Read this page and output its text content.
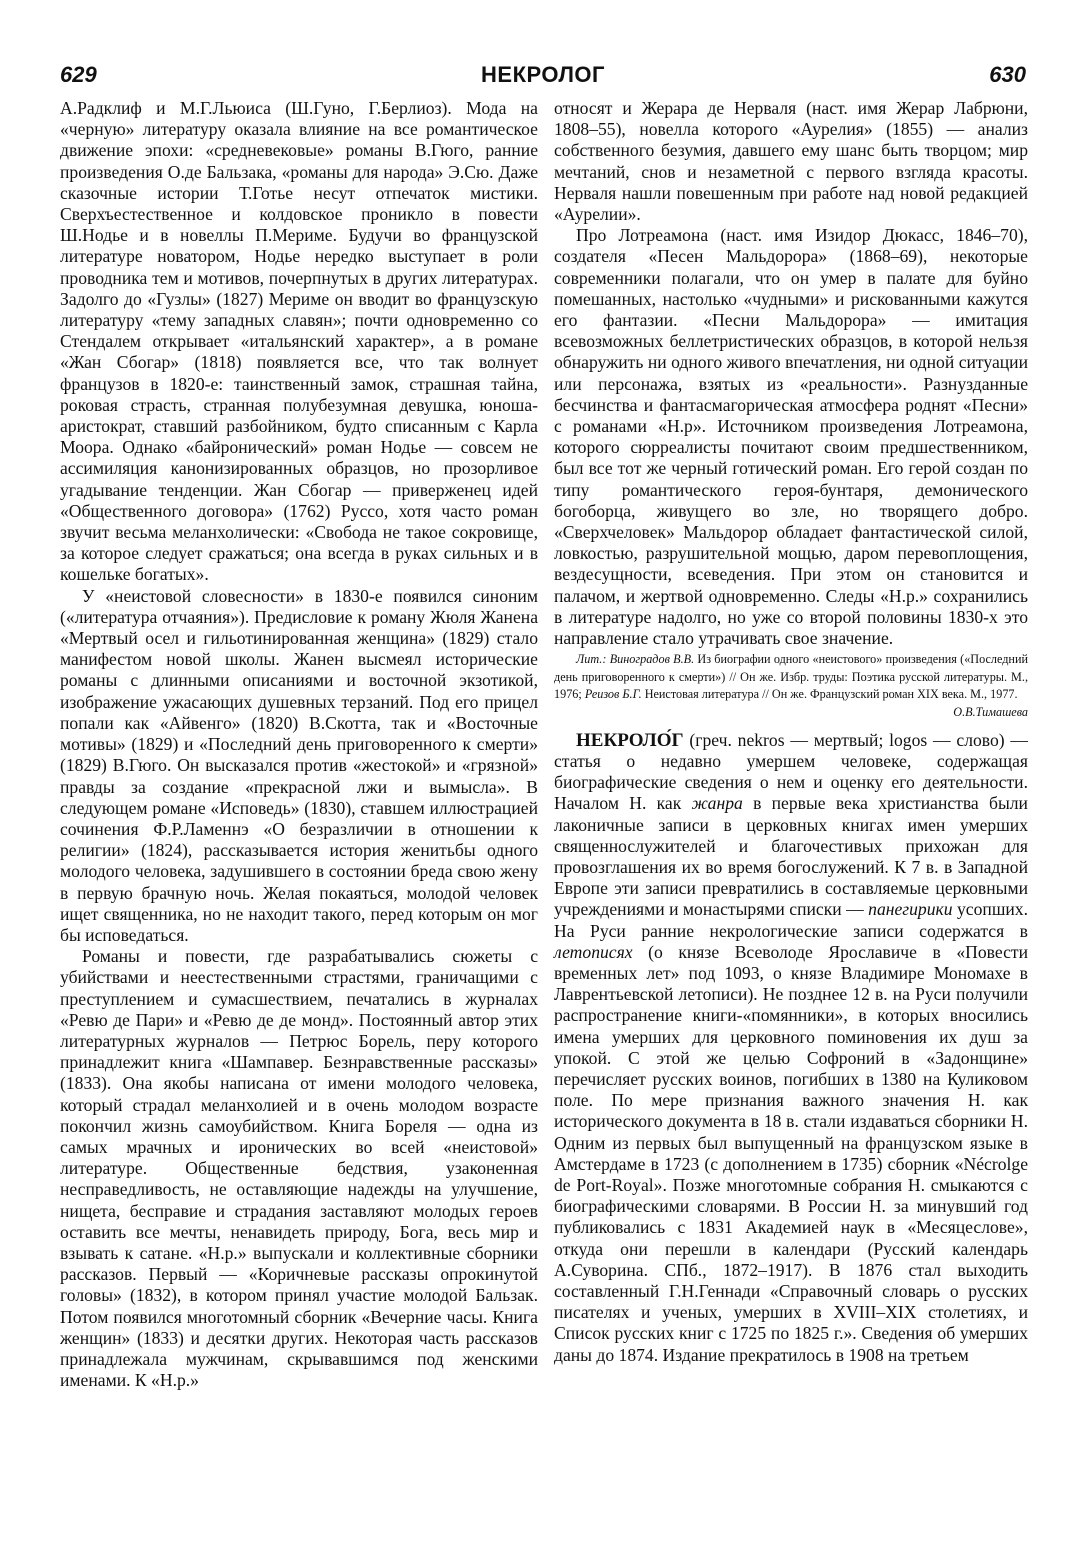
629	НЕКРОЛОГ	630

А.Радклиф и М.Г.Льюиса (Ш.Гуно, Г.Берлиоз). Мода на «черную» литературу оказала влияние на все романтическое движение эпохи: «средневековые» романы В.Гюго, ранние произведения О.де Бальзака, «романы для народа» Э.Сю. Даже сказочные истории Т.Готье несут отпечаток мистики. Сверхъестественное и колдовское проникло в повести Ш.Нодье и в новеллы П.Мериме. Будучи во французской литературе новатором, Нодье нередко выступает в роли проводника тем и мотивов, почерпнутых в других литературах. Задолго до «Гузлы» (1827) Мериме он вводит во французскую литературу «тему западных славян»; почти одновременно со Стендалем открывает «итальянский характер», а в романе «Жан Сбогар» (1818) появляется все, что так волнует французов в 1820-е: таинственный замок, страшная тайна, роковая страсть, странная полубезумная девушка, юноша-аристократ, ставший разбойником, будто списанным с Карла Моора. Однако «байронический» роман Нодье — совсем не ассимиляция канонизированных образцов, но прозорливое угадывание тенденции. Жан Сбогар — приверженец идей «Общественного договора» (1762) Руссо, хотя часто роман звучит весьма меланхолически: «Свобода не такое сокровище, за которое следует сражаться; она всегда в руках сильных и в кошельке богатых».

У «неистовой словесности» в 1830-е появился синоним («литература отчаяния»). Предисловие к роману Жюля Жанена «Мертвый осел и гильотинированная женщина» (1829) стало манифестом новой школы. Жанен высмеял исторические романы с длинными описаниями и восточной экзотикой, изображение ужасающих душевных терзаний. Под его прицел попали как «Айвенго» (1820) В.Скотта, так и «Восточные мотивы» (1829) и «Последний день приговоренного к смерти» (1829) В.Гюго. Он высказался против «жестокой» и «грязной» правды за создание «прекрасной лжи и вымысла». В следующем романе «Исповедь» (1830), ставшем иллюстрацией сочинения Ф.Р.Ламеннэ «О безразличии в отношении к религии» (1824), рассказывается история женитьбы одного молодого человека, задушившего в состоянии бреда свою жену в первую брачную ночь. Желая покаяться, молодой человек ищет священника, но не находит такого, перед которым он мог бы исповедаться.

Романы и повести, где разрабатывались сюжеты с убийствами и неестественными страстями, граничащими с преступлением и сумасшествием, печатались в журналах «Ревю де Пари» и «Ревю де де монд». Постоянный автор этих литературных журналов — Петрюс Борель, перу которого принадлежит книга «Шампавер. Безнравственные рассказы» (1833). Она якобы написана от имени молодого человека, который страдал меланхолией и в очень молодом возрасте покончил жизнь самоубийством. Книга Бореля — одна из самых мрачных и иронических во всей «неистовой» литературе. Общественные бедствия, узаконенная несправедливость, не оставляющие надежды на улучшение, нищета, бесправие и страдания заставляют молодых героев оставить все мечты, ненавидеть природу, Бога, весь мир и взывать к сатане. «Н.р.» выпускали и коллективные сборники рассказов. Первый — «Коричневые рассказы опрокинутой головы» (1832), в котором принял участие молодой Бальзак. Потом появился многотомный сборник «Вечерние часы. Книга женщин» (1833) и десятки других. Некоторая часть рассказов принадлежала мужчинам, скрывавшимся под женскими именами. К «Н.р.»

относят и Жерара де Нерваля (наст. имя Жерар Лабрюни, 1808–55), новелла которого «Аурелия» (1855) — анализ собственного безумия, давшего ему шанс быть творцом; мир мечтаний, снов и незаметной с первого взгляда красоты. Нерваля нашли повешенным при работе над новой редакцией «Аурелии».

Про Лотреамона (наст. имя Изидор Дюкасс, 1846–70), создателя «Песен Мальдорора» (1868–69), некоторые современники полагали, что он умер в палате для буйно помешанных, настолько «чудными» и рискованными кажутся его фантазии. «Песни Мальдорора» — имитация всевозможных беллетристических образцов, в которой нельзя обнаружить ни одного живого впечатления, ни одной ситуации или персонажа, взятых из «реальности». Разнузданные бесчинства и фантасмагорическая атмосфера роднят «Песни» с романами «Н.р». Источником произведения Лотреамона, которого сюрреалисты почитают своим предшественником, был все тот же черный готический роман. Его герой создан по типу романтического героя-бунтаря, демонического богоборца, живущего во зле, но творящего добро. «Сверхчеловек» Мальдорор обладает фантастической силой, ловкостью, разрушительной мощью, даром перевоплощения, вездесущности, всеведения. При этом он становится и палачом, и жертвой одновременно. Следы «Н.р.» сохранились в литературе надолго, но уже со второй половины 1830-х это направление стало утрачивать свое значение.

Лит.: Виноградов В.В. Из биографии одного «неистового» произведения («Последний день приговоренного к смерти») // Он же. Избр. труды: Поэтика русской литературы. М., 1976; Реизов Б.Г. Неистовая литература // Он же. Французский роман XIX века. М., 1977.
О.В.Тимашева

НЕКРОЛО́Г (греч. nekros — мертвый; logos — слово) — статья о недавно умершем человеке, содержащая биографические сведения о нем и оценку его деятельности. Началом Н. как жанра в первые века христианства были лаконичные записи в церковных книгах имен умерших священнослужителей и благочестивых прихожан для провозглашения их во время богослужений. К 7 в. в Западной Европе эти записи превратились в составляемые церковными учреждениями и монастырями списки — панегирики усопших. На Руси ранние некрологические записи содержатся в летописях (о князе Всеволоде Ярославиче в «Повести временных лет» под 1093, о князе Владимире Мономахе в Лаврентьевской летописи). Не позднее 12 в. на Руси получили распространение книги-«помянники», в которых вносились имена умерших для церковного поминовения их душ за упокой. С этой же целью Софроний в «Задонщине» перечисляет русских воинов, погибших в 1380 на Куликовом поле. По мере признания важного значения Н. как исторического документа в 18 в. стали издаваться сборники Н. Одним из первых был выпущенный на французском языке в Амстердаме в 1723 (с дополнением в 1735) сборник «Nécrolge de Port-Royal». Позже многотомные собрания Н. смыкаются с биографическими словарями. В России Н. за минувший год публиковались с 1831 Академией наук в «Месяцеслове», откуда они перешли в календари (Русский календарь А.Суворина. СПб., 1872–1917). В 1876 стал выходить составленный Г.Н.Геннади «Справочный словарь о русских писателях и ученых, умерших в XVIII–XIX столетиях, и Список русских книг с 1725 по 1825 г.». Сведения об умерших даны до 1874. Издание прекратилось в 1908 на третьем
